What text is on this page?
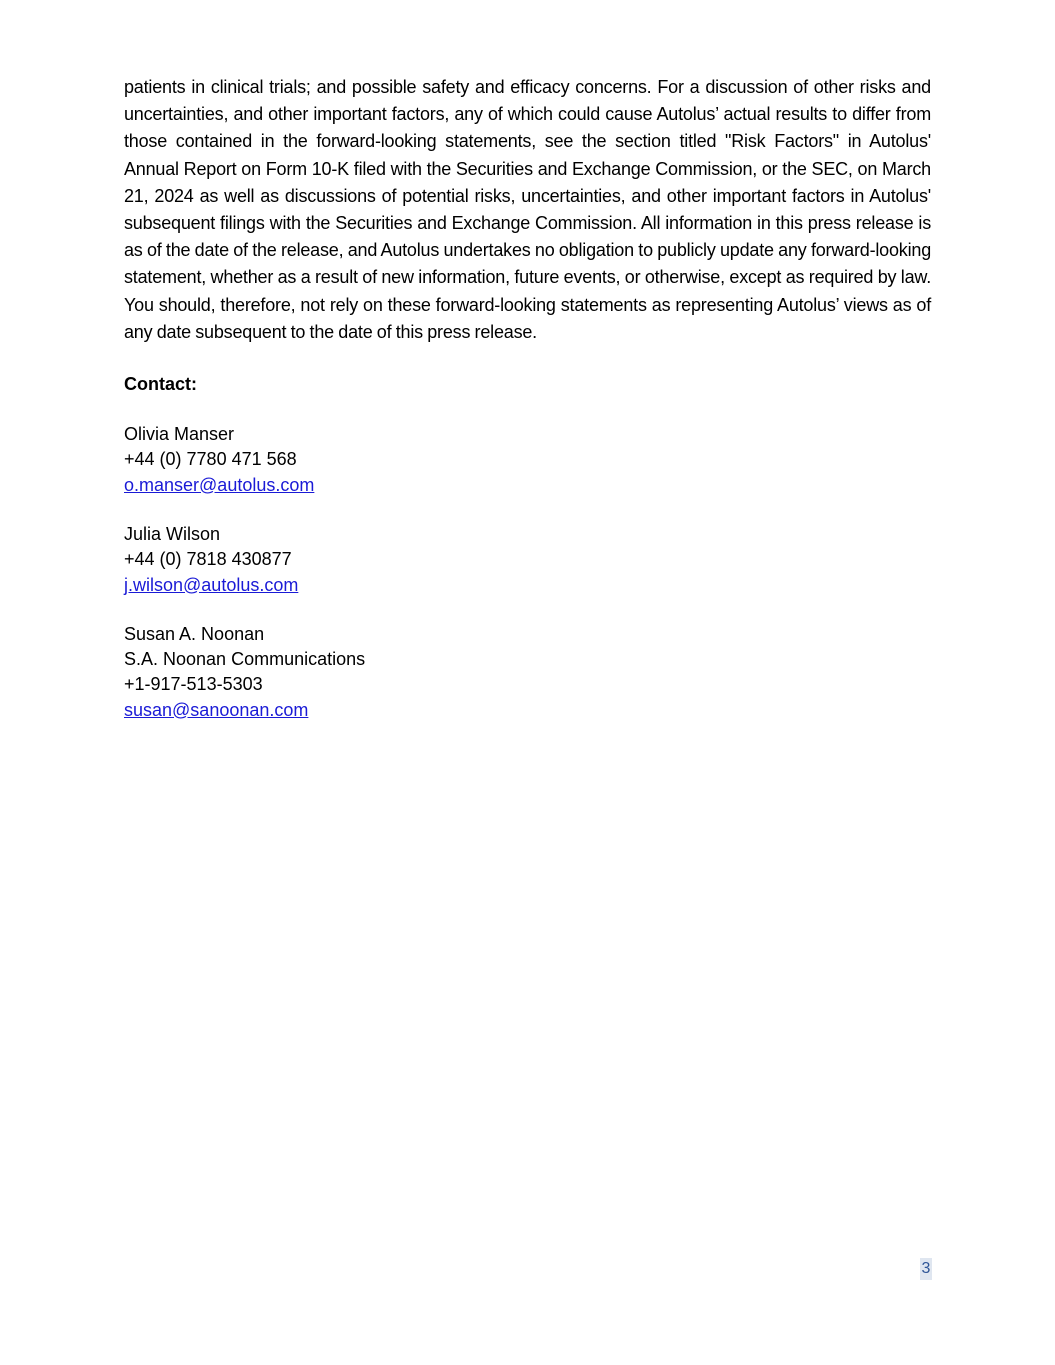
patients in clinical trials; and possible safety and efficacy concerns. For a discussion of other risks and uncertainties, and other important factors, any of which could cause Autolus’ actual results to differ from those contained in the forward-looking statements, see the section titled "Risk Factors" in Autolus' Annual Report on Form 10-K filed with the Securities and Exchange Commission, or the SEC, on March 21, 2024 as well as discussions of potential risks, uncertainties, and other important factors in Autolus' subsequent filings with the Securities and Exchange Commission. All information in this press release is as of the date of the release, and Autolus undertakes no obligation to publicly update any forward-looking statement, whether as a result of new information, future events, or otherwise, except as required by law. You should, therefore, not rely on these forward-looking statements as representing Autolus’ views as of any date subsequent to the date of this press release.

Contact:
Olivia Manser
+44 (0) 7780 471 568
o.manser@autolus.com
Julia Wilson
+44 (0) 7818 430877
j.wilson@autolus.com
Susan A. Noonan
S.A. Noonan Communications
+1-917-513-5303
susan@sanoonan.com
3
